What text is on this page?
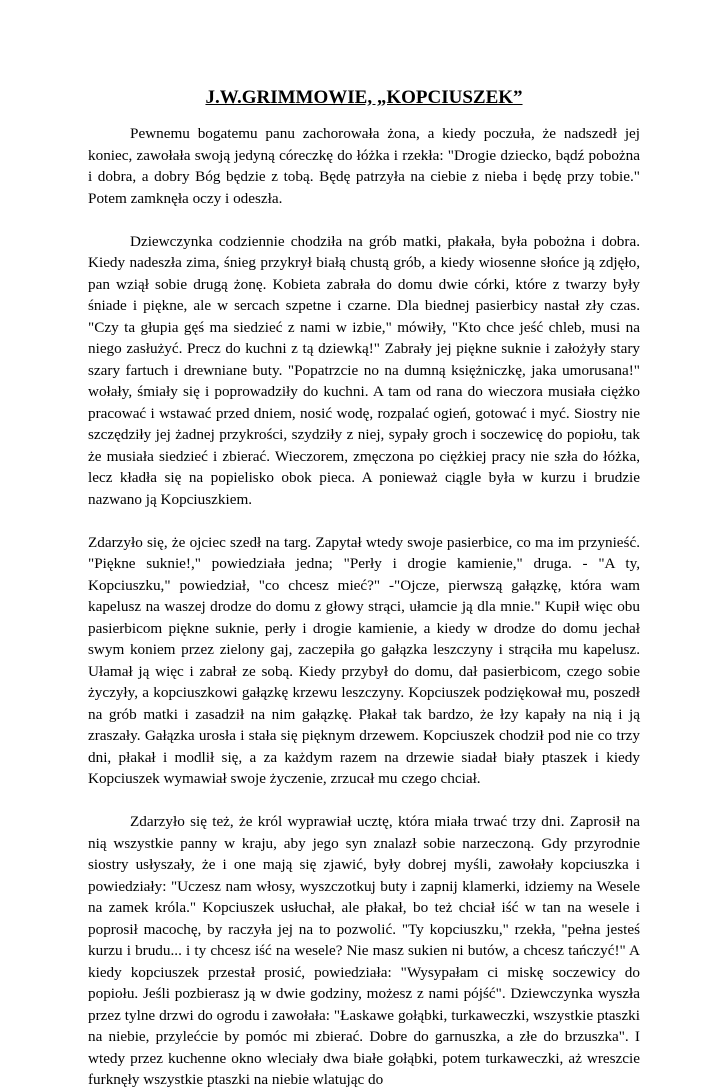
J.W.GRIMMOWIE, „KOPCIUSZEK”

Pewnemu bogatemu panu zachorowała żona, a kiedy poczuła, że nadszedł jej koniec, zawołała swoją jedyną córeczkę do łóżka i rzekła: "Drogie dziecko, bądź pobożna i dobra, a dobry Bóg będzie z tobą. Będę patrzyła na ciebie z nieba i będę przy tobie." Potem zamknęła oczy i odeszła.

Dziewczynka codziennie chodziła na grób matki, płakała, była pobożna i dobra. Kiedy nadeszła zima, śnieg przykrył białą chustą grób, a kiedy wiosenne słońce ją zdjęło, pan wziął sobie drugą żonę. Kobieta zabrała do domu dwie córki, które z twarzy były śniade i piękne, ale w sercach szpetne i czarne. Dla biednej pasierbicy nastał zły czas. "Czy ta głupia gęś ma siedzieć z nami w izbie," mówiły, "Kto chce jeść chleb, musi na niego zasłużyć. Precz do kuchni z tą dziewką!" Zabrały jej piękne suknie i założyły stary szary fartuch i drewniane buty. "Popatrzcie no na dumną księżniczkę, jaka umorusana!" wołały, śmiały się i poprowadziły do kuchni. A tam od rana do wieczora musiała ciężko pracować i wstawać przed dniem, nosić wodę, rozpalać ogień, gotować i myć. Siostry nie szczędziły jej żadnej przykrości, szydziły z niej, sypały groch i soczewicę do popiołu, tak że musiała siedzieć i zbierać. Wieczorem, zmęczona po ciężkiej pracy nie szła do łóżka, lecz kładła się na popielisko obok pieca. A ponieważ ciągle była w kurzu i brudzie nazwano ją Kopciuszkiem.

Zdarzyło się, że ojciec szedł na targ. Zapytał wtedy swoje pasierbice, co ma im przynieść. "Piękne suknie!," powiedziała jedna; "Perły i drogie kamienie," druga. - "A ty, Kopciuszku," powiedział, "co chcesz mieć?" -"Ojcze, pierwszą gałązkę, która wam kapelusz na waszej drodze do domu z głowy strąci, ułamcie ją dla mnie." Kupił więc obu pasierbicom piękne suknie, perły i drogie kamienie, a kiedy w drodze do domu jechał swym koniem przez zielony gaj, zaczepiła go gałązka leszczyny i strąciła mu kapelusz. Ułamał ją więc i zabrał ze sobą. Kiedy przybył do domu, dał pasierbicom, czego sobie życzyły, a kopciuszkowi gałązkę krzewu leszczyny. Kopciuszek podziękował mu, poszedł na grób matki i zasadził na nim gałązkę. Płakał tak bardzo, że łzy kapały na nią i ją zraszały. Gałązka urosła i stała się pięknym drzewem. Kopciuszek chodził pod nie co trzy dni, płakał i modlił się, a za każdym razem na drzewie siadał biały ptaszek i kiedy Kopciuszek wymawiał swoje życzenie, zrzucał mu czego chciał.

Zdarzyło się też, że król wyprawiał ucztę, która miała trwać trzy dni. Zaprosił na nią wszystkie panny w kraju, aby jego syn znalazł sobie narzeczoną. Gdy przyrodnie siostry usłyszały, że i one mają się zjawić, były dobrej myśli, zawołały kopciuszka i powiedziały: "Uczesz nam włosy, wyszczotkuj buty i zapnij klamerki, idziemy na Wesele na zamek króla." Kopciuszek usłuchał, ale płakał, bo też chciał iść w tan na wesele i poprosił macochę, by raczyła jej na to pozwolić. "Ty kopciuszku," rzekła, "pełna jesteś kurzu i brudu... i ty chcesz iść na wesele? Nie masz sukien ni butów, a chcesz tańczyć!" A kiedy kopciuszek przestał prosić, powiedziała: "Wysypałam ci miskę soczewicy do popiołu. Jeśli pozbierasz ją w dwie godziny, możesz z nami pójść". Dziewczynka wyszła przez tylne drzwi do ogrodu i zawołała: "Łaskawe gołąbki, turkaweczki, wszystkie ptaszki na niebie, przylećcie by pomóc mi zbierać. Dobre do garnuszka, a złe do brzuszka". I wtedy przez kuchenne okno wleciały dwa białe gołąbki, potem turkaweczki, aż wreszcie furknęły wszystkie ptaszki na niebie wlatując do
